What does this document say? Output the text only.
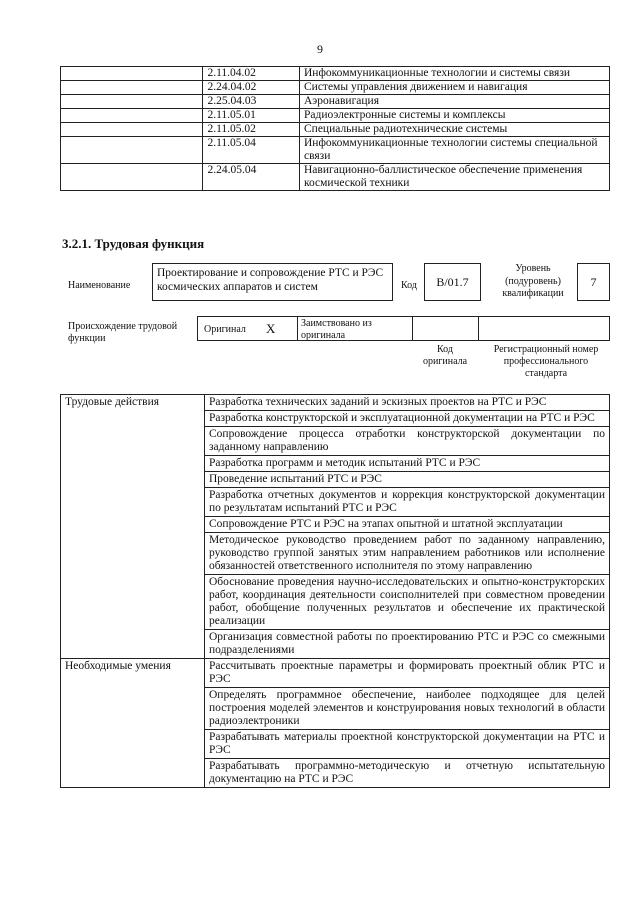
9
	2.11.04.02	Инфокоммуникационные технологии и системы связи
	2.24.04.02	Системы управления движением и навигация
	2.25.04.03	Аэронавигация
	2.11.05.01	Радиоэлектронные системы и комплексы
	2.11.05.02	Специальные радиотехнические системы
	2.11.05.04	Инфокоммуникационные технологии системы специальной связи
	2.24.05.04	Навигационно-баллистическое обеспечение применения космической техники
3.2.1. Трудовая функция
Наименование
Проектирование и сопровождение РТС и РЭС космических аппаратов и систем	Код	B/01.7
Уровень (подуровень) квалификации
7
Происхождение трудовой функции
Оригинал X	Заимствовано из оригинала
Код оригинала
Регистрационный номер профессионального стандарта
Трудовые действия	Разработка технических заданий и эскизных проектов на РТС и РЭС
	Разработка конструкторской и эксплуатационной документации на РТС и РЭС
	Сопровождение процесса отработки конструкторской документации по заданному направлению
	Разработка программ и методик испытаний РТС и РЭС
	Проведение испытаний РТС и РЭС
	Разработка отчетных документов и коррекция конструкторской документации по результатам испытаний РТС и РЭС
	Сопровождение РТС и РЭС на этапах опытной и штатной эксплуатации
	Методическое руководство проведением работ по заданному направлению, руководство группой занятых этим направлением работников или исполнение обязанностей ответственного исполнителя по этому направлению
	Обоснование проведения научно-исследовательских и опытно-конструкторских работ, координация деятельности соисполнителей при совместном проведении работ, обобщение полученных результатов и обеспечение их практической реализации
	Организация совместной работы по проектированию РТС и РЭС со смежными подразделениями
Необходимые умения	Рассчитывать проектные параметры и формировать проектный облик РТС и РЭС
	Определять программное обеспечение, наиболее подходящее для целей построения моделей элементов и конструирования новых технологий в области радиоэлектроники
	Разрабатывать материалы проектной конструкторской документации на РТС и РЭС
	Разрабатывать программно-методическую и отчетную испытательную документацию на РТС и РЭС
